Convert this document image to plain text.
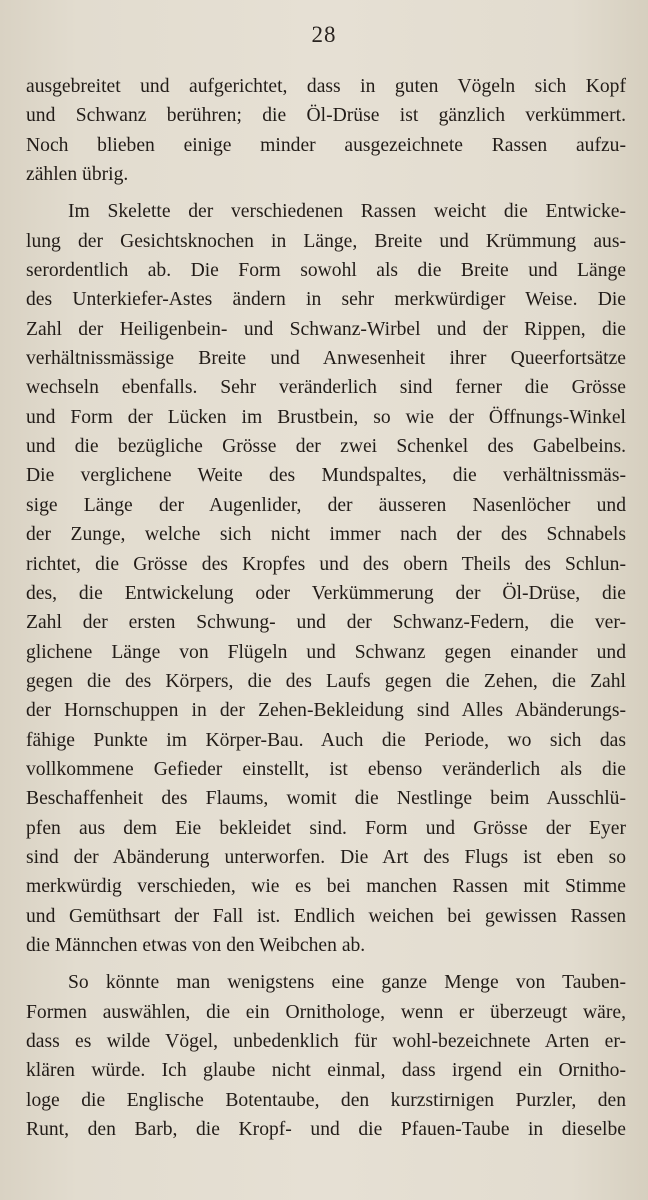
28
ausgebreitet und aufgerichtet, dass in guten Vögeln sich Kopf
und Schwanz berühren; die Öl-Drüse ist gänzlich verkümmert.
Noch blieben einige minder ausgezeichnete Rassen aufzu-
zählen übrig.
Im Skelette der verschiedenen Rassen weicht die Entwicke-
lung der Gesichtsknochen in Länge, Breite und Krümmung aus-
serordentlich ab. Die Form sowohl als die Breite und Länge
des Unterkiefer-Astes ändern in sehr merkwürdiger Weise. Die
Zahl der Heiligenbein- und Schwanz-Wirbel und der Rippen, die
verhältnissmässige Breite und Anwesenheit ihrer Queerfortsätze
wechseln ebenfalls. Sehr veränderlich sind ferner die Grösse
und Form der Lücken im Brustbein, so wie der Öffnungs-Winkel
und die bezügliche Grösse der zwei Schenkel des Gabelbeins.
Die verglichene Weite des Mundspaltes, die verhältnissmäs-
sige Länge der Augenlider, der äusseren Nasenlöcher und
der Zunge, welche sich nicht immer nach der des Schnabels
richtet, die Grösse des Kropfes und des obern Theils des Schlun-
des, die Entwickelung oder Verkümmerung der Öl-Drüse, die
Zahl der ersten Schwung- und der Schwanz-Federn, die ver-
glichene Länge von Flügeln und Schwanz gegen einander und
gegen die des Körpers, die des Laufs gegen die Zehen, die Zahl
der Hornschuppen in der Zehen-Bekleidung sind Alles Abänderungs-
fähige Punkte im Körper-Bau. Auch die Periode, wo sich das
vollkommene Gefieder einstellt, ist ebenso veränderlich als die
Beschaffenheit des Flaums, womit die Nestlinge beim Ausschlü-
pfen aus dem Eie bekleidet sind. Form und Grösse der Eyer
sind der Abänderung unterworfen. Die Art des Flugs ist eben so
merkwürdig verschieden, wie es bei manchen Rassen mit Stimme
und Gemüthsart der Fall ist. Endlich weichen bei gewissen Rassen
die Männchen etwas von den Weibchen ab.
So könnte man wenigstens eine ganze Menge von Tauben-
Formen auswählen, die ein Ornithologe, wenn er überzeugt wäre,
dass es wilde Vögel, unbedenklich für wohl-bezeichnete Arten er-
klären würde. Ich glaube nicht einmal, dass irgend ein Ornitho-
loge die Englische Botentaube, den kurzstirnigen Purzler, den
Runt, den Barb, die Kropf- und die Pfauen-Taube in dieselbe
